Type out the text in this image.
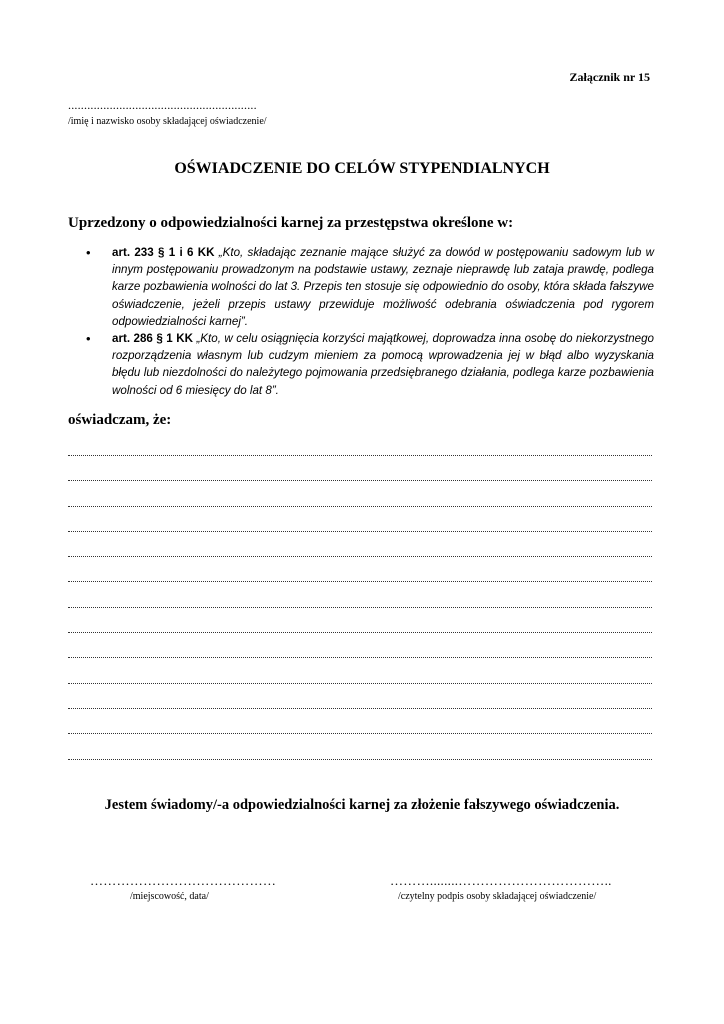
Załącznik nr 15
...........................................................
/imię i nazwisko osoby składającej oświadczenie/
OŚWIADCZENIE DO CELÓW STYPENDIALNYCH
Uprzedzony o odpowiedzialności karnej za przestępstwa określone w:
• art. 233 § 1 i 6 KK „Kto, składając zeznanie mające służyć za dowód w postępowaniu sadowym lub w innym postępowaniu prowadzonym na podstawie ustawy, zeznaje nieprawdę lub zataja prawdę, podlega karze pozbawienia wolności do lat 3. Przepis ten stosuje się odpowiednio do osoby, która składa fałszywe oświadczenie, jeżeli przepis ustawy przewiduje możliwość odebrania oświadczenia pod rygorem odpowiedzialności karnej”.
• art. 286 § 1 KK „Kto, w celu osiągnięcia korzyści majątkowej, doprowadza inna osobę do niekorzystnego rozporządzenia własnym lub cudzym mieniem za pomocą wprowadzenia jej w błąd albo wyzyskania błędu lub niezdolności do należytego pojmowania przedsiębranego działania, podlega karze pozbawienia wolności od 6 miesięcy do lat 8”.
oświadczam, że:
Jestem świadomy/-a odpowiedzialności karnej za złożenie fałszywego oświadczenia.
……………………………………
/miejscowość, data/
………........……………………………..
/czytelny podpis osoby składającej oświadczenie/
